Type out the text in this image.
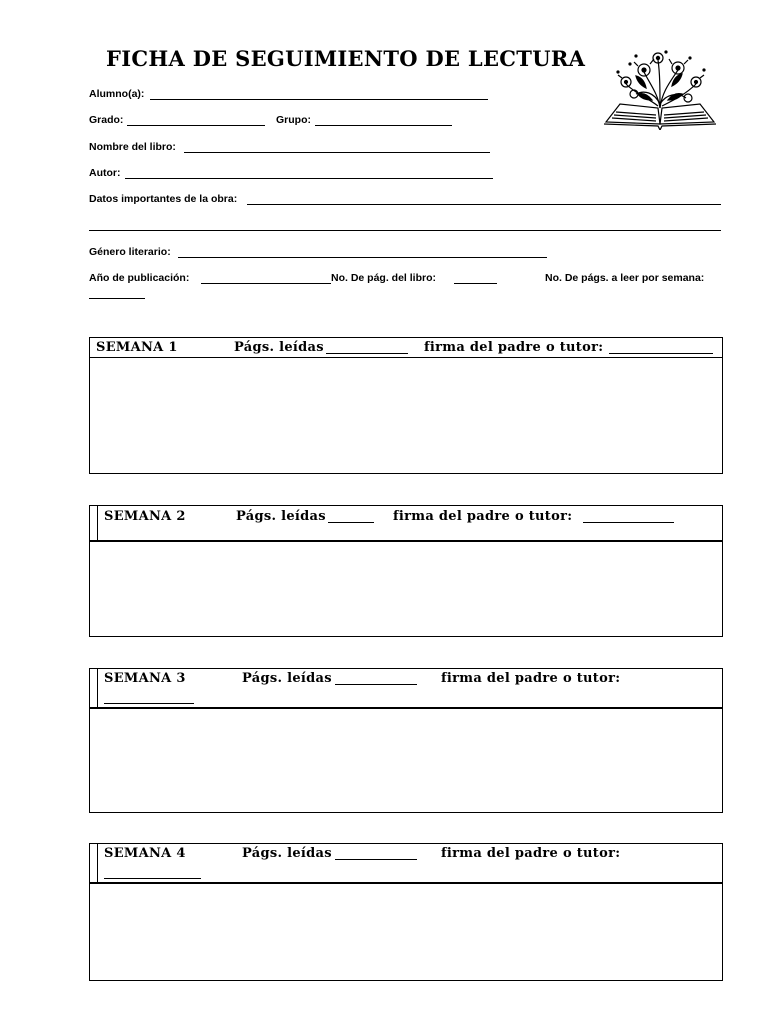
FICHA DE SEGUIMIENTO DE LECTURA
Alumno(a):
Grado:	Grupo:
Nombre del libro:
Autor:
Datos importantes de la obra:
Género literario:
Año de publicación:	No. De pág. del libro:	No. De págs. a leer por semana:
SEMANA 1	Págs. leídas	firma del padre o tutor:
SEMANA 2	Págs. leídas	firma del padre o tutor:
SEMANA 3	Págs. leídas	firma del padre o tutor:
SEMANA 4	Págs. leídas	firma del padre o tutor:
